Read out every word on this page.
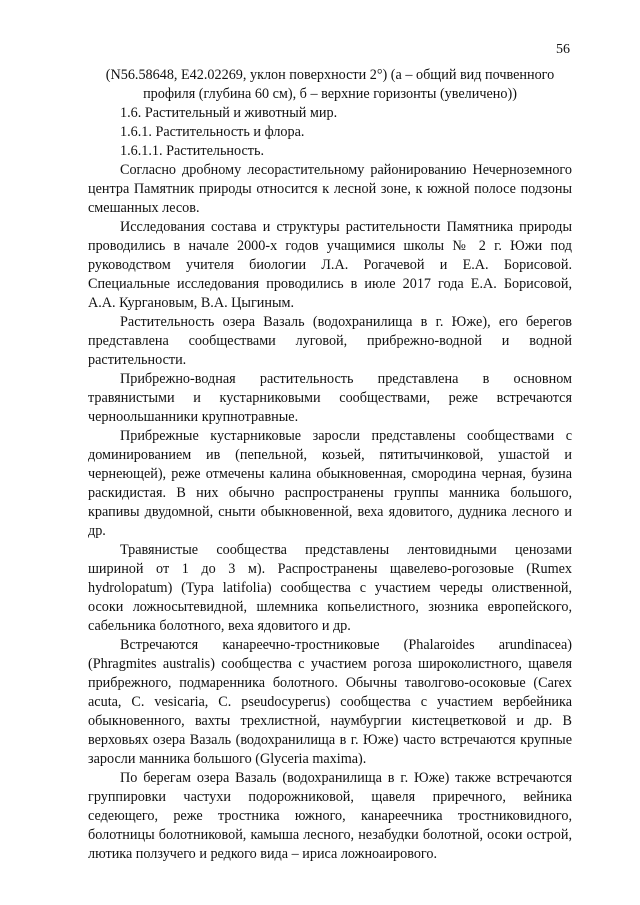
56

(N56.58648, E42.02269, уклон поверхности 2°) (а – общий вид почвенного профиля (глубина 60 см), б – верхние горизонты (увеличено))

1.6. Растительный и животный мир.

1.6.1. Растительность и флора.

1.6.1.1. Растительность.

Согласно дробному лесорастительному районированию Нечерноземного центра Памятник природы относится к лесной зоне, к южной полосе подзоны смешанных лесов.

Исследования состава и структуры растительности Памятника природы проводились в начале 2000-х годов учащимися школы № 2 г. Южи под руководством учителя биологии Л.А. Рогачевой и Е.А. Борисовой. Специальные исследования проводились в июле 2017 года Е.А. Борисовой, А.А. Кургановым, В.А. Цыгиным.

Растительность озера Вазаль (водохранилища в г. Юже), его берегов представлена сообществами луговой, прибрежно-водной и водной растительности.

Прибрежно-водная растительность представлена в основном травянистыми и кустарниковыми сообществами, реже встречаются черноольшанники крупнотравные.

Прибрежные кустарниковые заросли представлены сообществами с доминированием ив (пепельной, козьей, пятитычинковой, ушастой и чернеющей), реже отмечены калина обыкновенная, смородина черная, бузина раскидистая. В них обычно распространены группы манника большого, крапивы двудомной, сныти обыкновенной, веха ядовитого, дудника лесного и др.

Травянистые сообщества представлены лентовидными ценозами шириной от 1 до 3 м). Распространены щавелево-рогозовые (Rumex hydrolopatum) (Typa latifolia) сообщества с участием череды олиственной, осоки ложносытевидной, шлемника копьелистного, зюзника европейского, сабельника болотного, веха ядовитого и др.

Встречаются канареечно-тростниковые (Phalaroides arundinacea) (Phragmites australis) сообщества с участием рогоза широколистного, щавеля прибрежного, подмаренника болотного. Обычны таволгово-осоковые (Carex acuta, C. vesicaria, C. pseudocyperus) сообщества с участием вербейника обыкновенного, вахты трехлистной, наумбургии кистецветковой и др. В верховьях озера Вазаль (водохранилища в г. Юже) часто встречаются крупные заросли манника большого (Glyceria maxima).

По берегам озера Вазаль (водохранилища в г. Юже) также встречаются группировки частухи подорожниковой, щавеля приречного, вейника седеющего, реже тростника южного, канареечника тростниковидного, болотницы болотниковой, камыша лесного, незабудки болотной, осоки острой, лютика ползучего и редкого вида – ириса ложноаирового.
